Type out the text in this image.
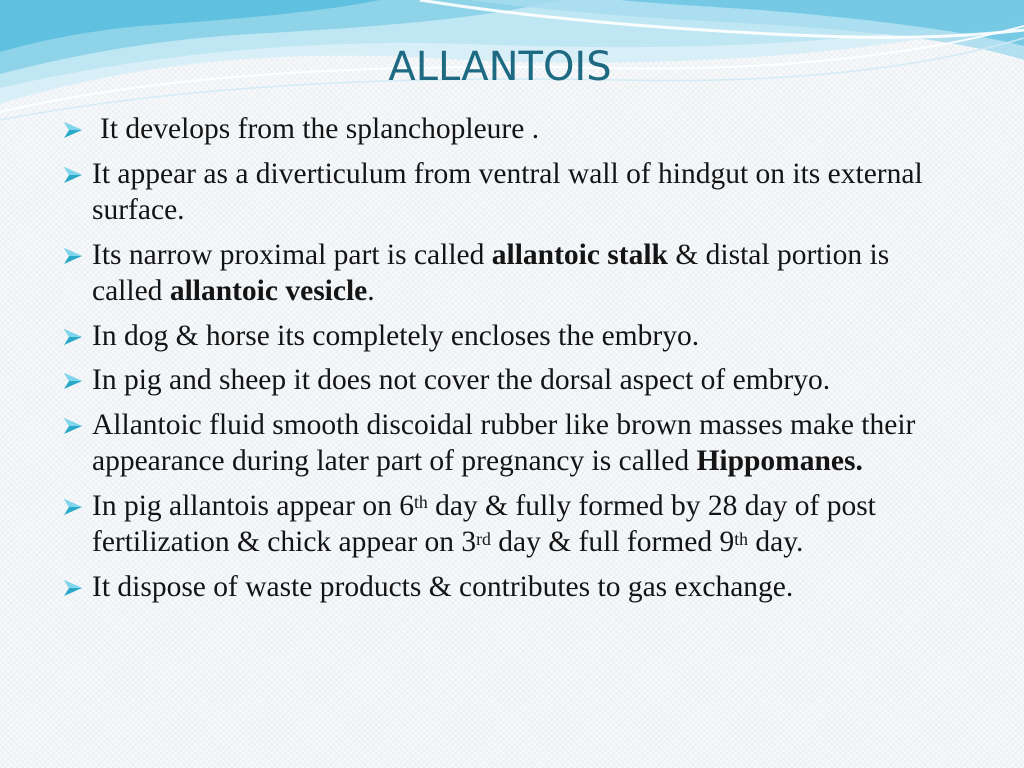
ALLANTOIS
It develops from the splanchopleure .
It appear as a diverticulum from ventral wall of hindgut on its external surface.
Its narrow proximal part is called allantoic stalk & distal portion is called allantoic vesicle.
In dog & horse its completely encloses the embryo.
In pig and sheep it does not cover the dorsal aspect of embryo.
Allantoic fluid smooth discoidal rubber like brown masses make their appearance during later part of pregnancy is called Hippomanes.
In pig allantois appear on 6th day & fully formed by 28 day of post fertilization & chick appear on 3rd day & full formed 9th day.
It dispose of waste products & contributes to gas exchange.
